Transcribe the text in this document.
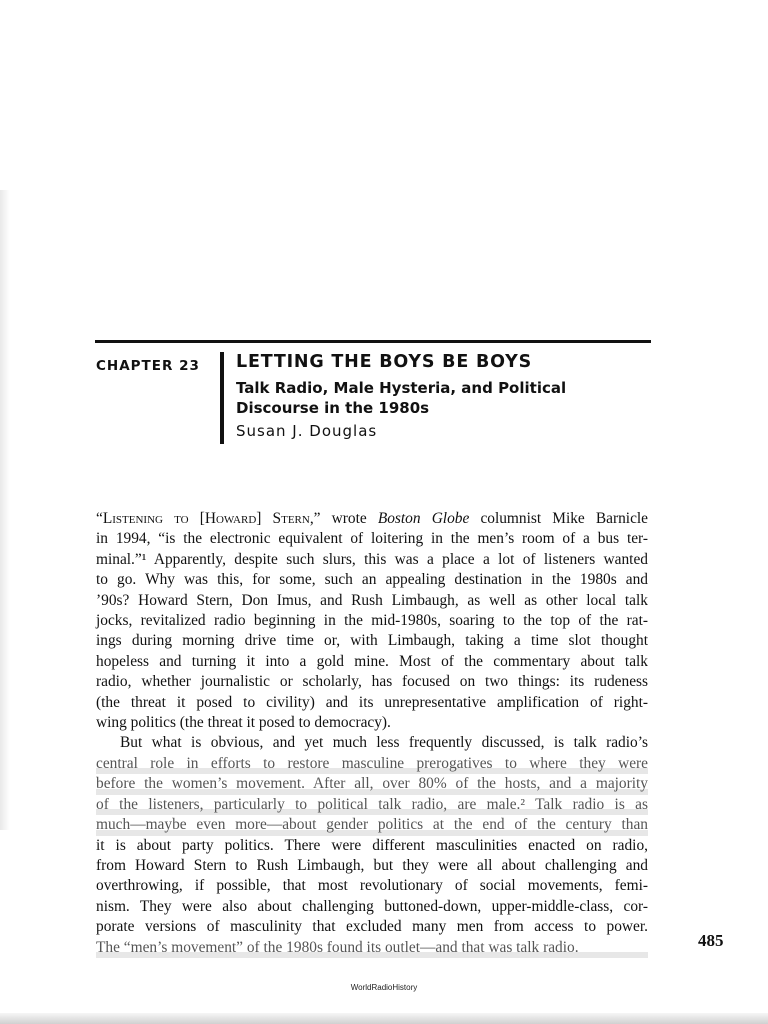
CHAPTER 23 LETTING THE BOYS BE BOYS
Talk Radio, Male Hysteria, and Political
Discourse in the 1980s
Susan J. Douglas
“Listening to [Howard] Stern,” wrote Boston Globe columnist Mike Barnicle
in 1994, “is the electronic equivalent of loitering in the men’s room of a bus ter-
minal.”¹ Apparently, despite such slurs, this was a place a lot of listeners wanted
to go. Why was this, for some, such an appealing destination in the 1980s and
’90s? Howard Stern, Don Imus, and Rush Limbaugh, as well as other local talk
jocks, revitalized radio beginning in the mid-1980s, soaring to the top of the rat-
ings during morning drive time or, with Limbaugh, taking a time slot thought
hopeless and turning it into a gold mine. Most of the commentary about talk
radio, whether journalistic or scholarly, has focused on two things: its rudeness
(the threat it posed to civility) and its unrepresentative amplification of right-
wing politics (the threat it posed to democracy).
But what is obvious, and yet much less frequently discussed, is talk radio’s
central role in efforts to restore masculine prerogatives to where they were
before the women’s movement. After all, over 80% of the hosts, and a majority
of the listeners, particularly to political talk radio, are male.² Talk radio is as
much—maybe even more—about gender politics at the end of the century than
it is about party politics. There were different masculinities enacted on radio,
from Howard Stern to Rush Limbaugh, but they were all about challenging and
overthrowing, if possible, that most revolutionary of social movements, femi-
nism. They were also about challenging buttoned-down, upper-middle-class, cor-
porate versions of masculinity that excluded many men from access to power.
The “men’s movement” of the 1980s found its outlet—and that was talk radio.	485
WorldRadioHistory
